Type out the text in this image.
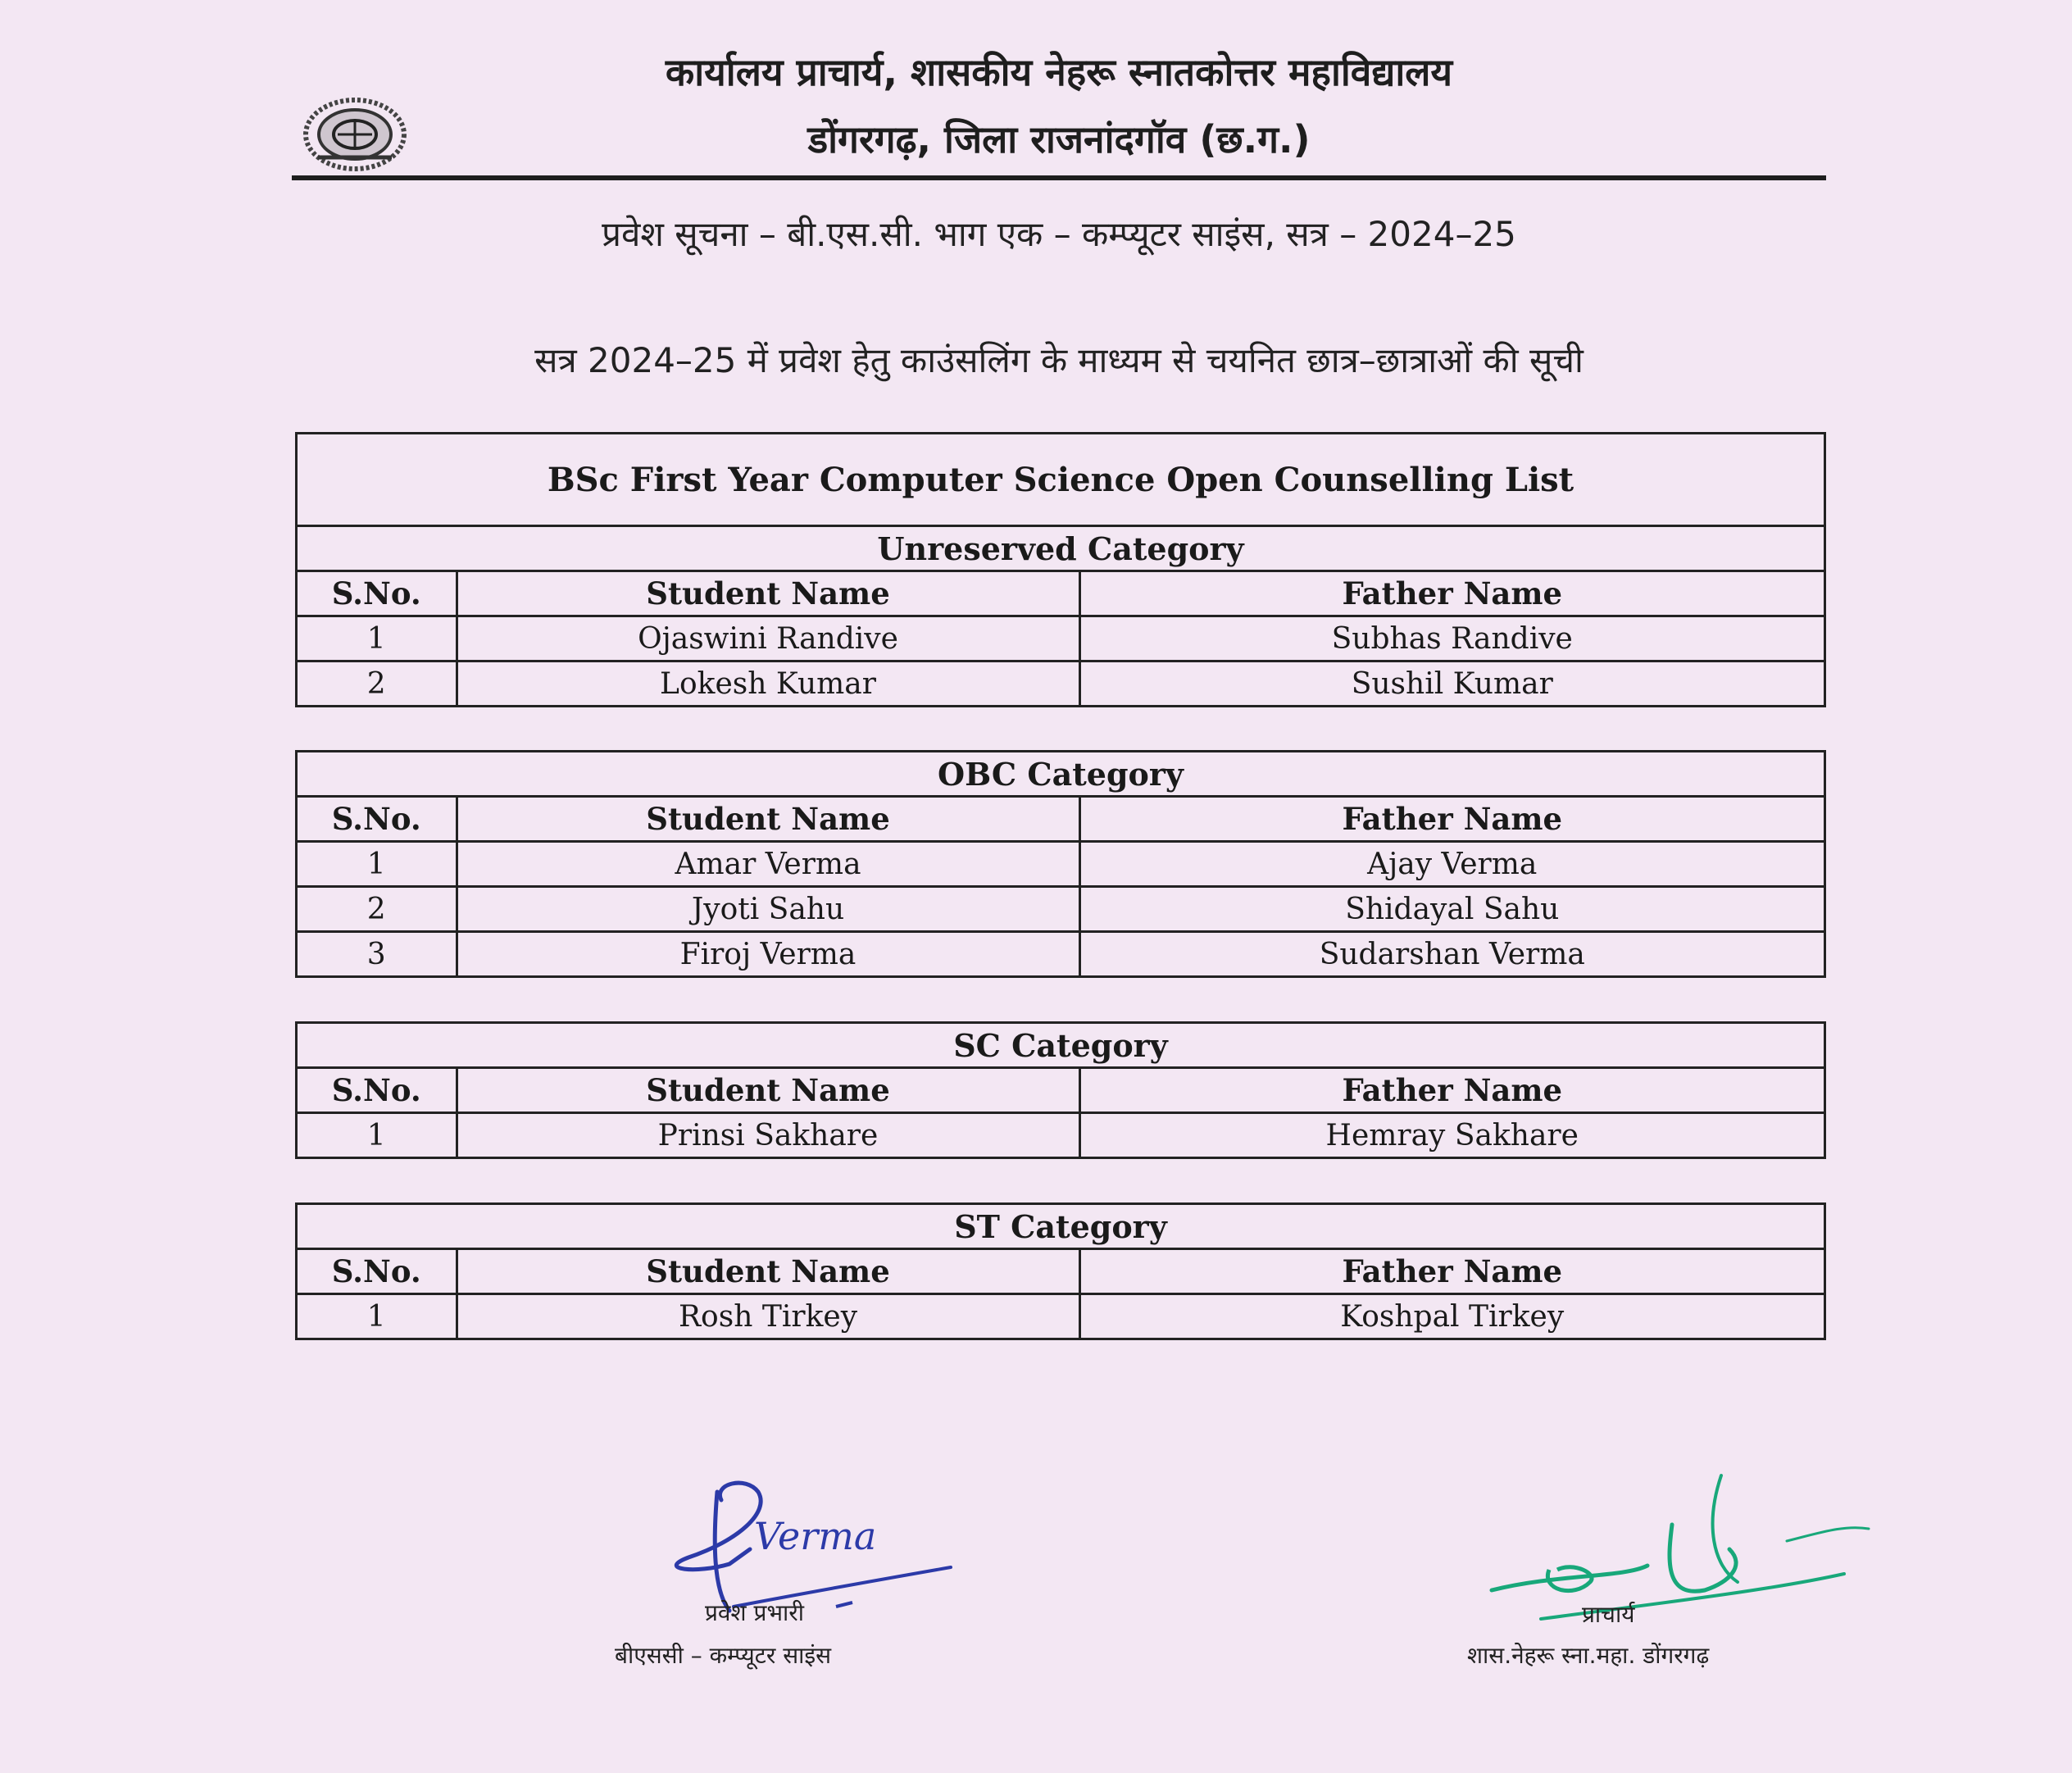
कार्यालय प्राचार्य, शासकीय नेहरू स्नातकोत्तर महाविद्यालय
डोंगरगढ़, जिला राजनांदगॉव (छ.ग.)
प्रवेश सूचना – बी.एस.सी. भाग एक – कम्प्यूटर साइंस, सत्र – 2024–25
सत्र 2024–25 में प्रवेश हेतु काउंसलिंग के माध्यम से चयनित छात्र–छात्राओं की सूची
BSc First Year Computer Science Open Counselling List		
Unreserved Category		
S.No.	Student Name	Father Name
1	Ojaswini Randive	Subhas Randive
2	Lokesh Kumar	Sushil Kumar
OBC Category		
S.No.	Student Name	Father Name
1	Amar Verma	Ajay Verma
2	Jyoti Sahu	Shidayal Sahu
3	Firoj Verma	Sudarshan Verma
SC Category		
S.No.	Student Name	Father Name
1	Prinsi Sakhare	Hemray Sakhare
ST Category		
S.No.	Student Name	Father Name
1	Rosh Tirkey	Koshpal Tirkey
Verma
प्रवेश प्रभारी
बीएससी – कम्प्यूटर साइंस
प्राचार्य
शास.नेहरू स्ना.महा. डोंगरगढ़
